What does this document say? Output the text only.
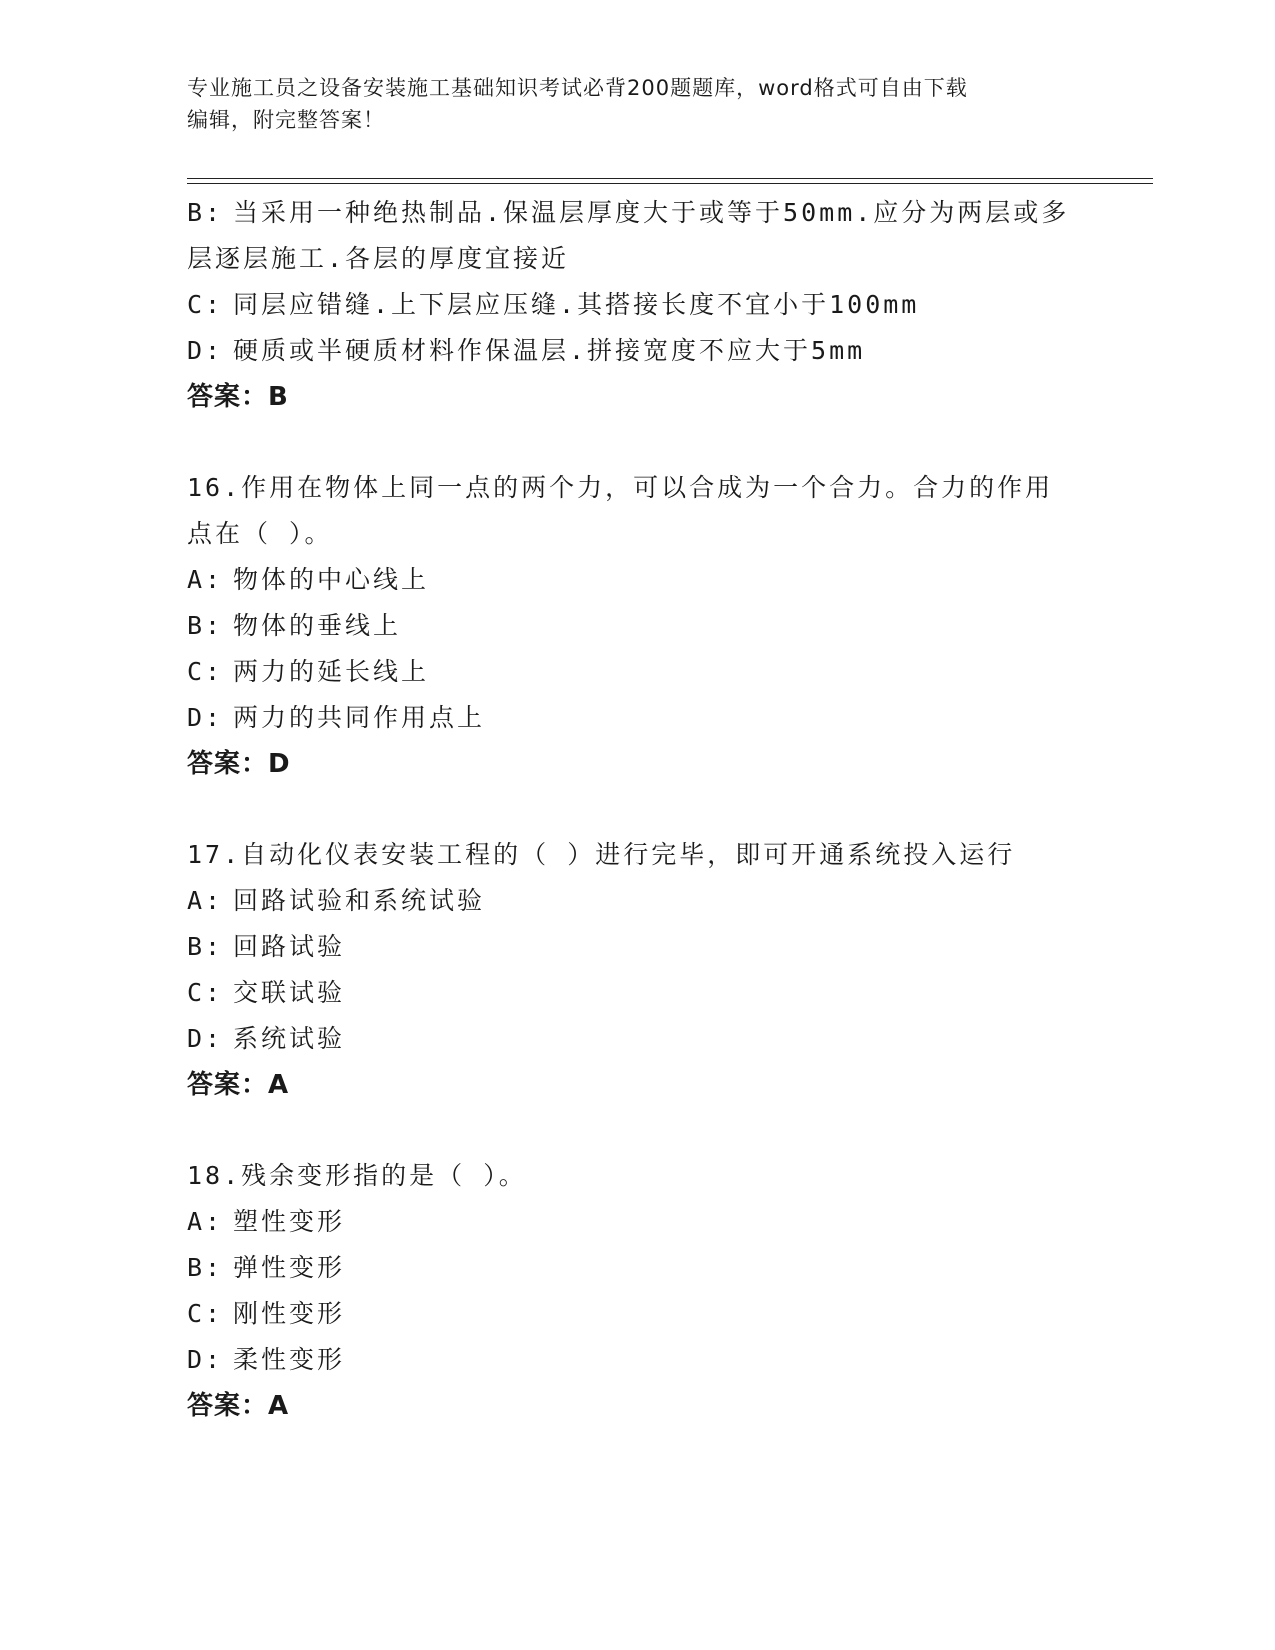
专业施工员之设备安装施工基础知识考试必背200题题库，word格式可自由下载
编辑，附完整答案！
B: 当采用一种绝热制品.保温层厚度大于或等于50mm.应分为两层或多
层逐层施工.各层的厚度宜接近
C: 同层应错缝.上下层应压缝.其搭接长度不宜小于100mm
D: 硬质或半硬质材料作保温层.拼接宽度不应大于5mm
答案：B
16.作用在物体上同一点的两个力，可以合成为一个合力。合力的作用
点在（ ）。
A: 物体的中心线上
B: 物体的垂线上
C: 两力的延长线上
D: 两力的共同作用点上
答案：D
17.自动化仪表安装工程的（ ）进行完毕，即可开通系统投入运行
A: 回路试验和系统试验
B: 回路试验
C: 交联试验
D: 系统试验
答案：A
18.残余变形指的是（ ）。
A: 塑性变形
B: 弹性变形
C: 刚性变形
D: 柔性变形
答案：A
